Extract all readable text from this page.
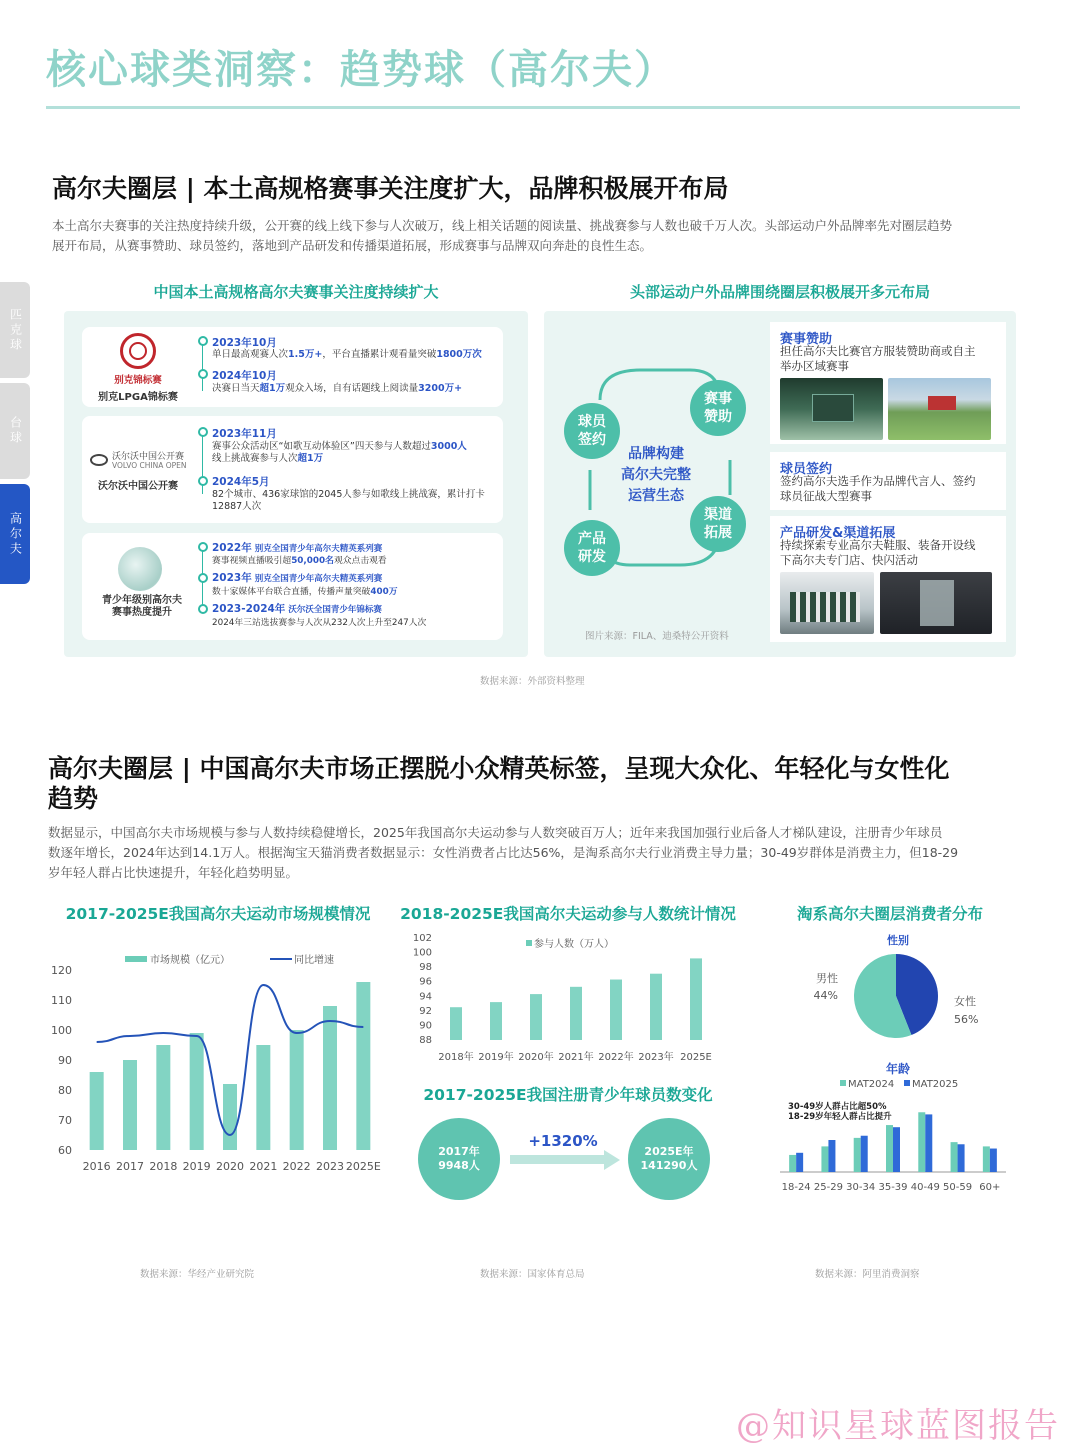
核心球类洞察：趋势球（高尔夫）
匹克球
台球
高尔夫
高尔夫圈层 | 本土高规格赛事关注度扩大，品牌积极展开布局
本土高尔夫赛事的关注热度持续升级，公开赛的线上线下参与人次破万，线上相关话题的阅读量、挑战赛参与人数也破千万人次。头部运动户外品牌率先对圈层趋势
展开布局，从赛事赞助、球员签约，落地到产品研发和传播渠道拓展，形成赛事与品牌双向奔赴的良性生态。
中国本土高规格高尔夫赛事关注度持续扩大	头部运动户外品牌围绕圈层积极展开多元布局
别克锦标赛
别克LPGA锦标赛
2023年10月
单日最高观赛人次1.5万+，平台直播累计观看量突破1800万次
2024年10月
决赛日当天超1万观众入场，自有话题线上阅读量3200万+
沃尔沃中国公开赛
VOLVO CHINA OPEN
沃尔沃中国公开赛
2023年11月
赛事公众活动区“如歌互动体验区”四天参与人数超过3000人
线上挑战赛参与人次超1万
2024年5月
82个城市、436家球馆的2045人参与如歌线上挑战赛，累计打卡12887人次
青少年级别高尔夫
赛事热度提升
2022年 别克全国青少年高尔夫精英系列赛
赛事视频直播吸引超50,000名观众点击观看
2023年 别克全国青少年高尔夫精英系列赛
数十家媒体平台联合直播，传播声量突破400万
2023-2024年 沃尔沃全国青少年锦标赛
2024年三站选拔赛参与人次从232人次上升至247人次
赛事
赞助
渠道
拓展
产品
研发
球员
签约
品牌构建
高尔夫完整
运营生态
图片来源：FILA、迪桑特公开资料
赛事赞助
担任高尔夫比赛官方服装赞助商或自主
举办区域赛事
球员签约
签约高尔夫选手作为品牌代言人、签约
球员征战大型赛事
产品研发&渠道拓展
持续探索专业高尔夫鞋服、装备开设线
下高尔夫专门店、快闪活动
数据来源：外部资料整理
高尔夫圈层 | 中国高尔夫市场正摆脱小众精英标签，呈现大众化、年轻化与女性化
趋势
数据显示，中国高尔夫市场规模与参与人数持续稳健增长，2025年我国高尔夫运动参与人数突破百万人；近年来我国加强行业后备人才梯队建设，注册青少年球员
数逐年增长，2024年达到14.1万人。根据淘宝天猫消费者数据显示：女性消费者占比达56%，是淘系高尔夫行业消费主导力量；30-49岁群体是消费主力，但18-29
岁年轻人群占比快速提升，年轻化趋势明显。
2017-2025E我国高尔夫运动市场规模情况
60
70
80
90
100
110
120
市场规模（亿元）	同比增速
2016 2017 2018 2019 2020 2021 2022 2023 2025E
2018-2025E我国高尔夫运动参与人数统计情况
88
90
92
94
96
98
100
102
参与人数（万人）
2018年 2019年 2020年 2021年 2022年 2023年 2025E
2017-2025E我国注册青少年球员数变化
2017年
9948人
+1320%
2025E年
141290人
淘系高尔夫圈层消费者分布
性别
男性
44%	女性
56%
年龄
MAT2024 MAT2025
30-49岁人群占比超50%
18-29岁年轻人群占比提升
18-24 25-29 30-34 35-39 40-49 50-59 60+
数据来源：华经产业研究院	数据来源：国家体育总局	数据来源：阿里消费洞察
@知识星球蓝图报告
